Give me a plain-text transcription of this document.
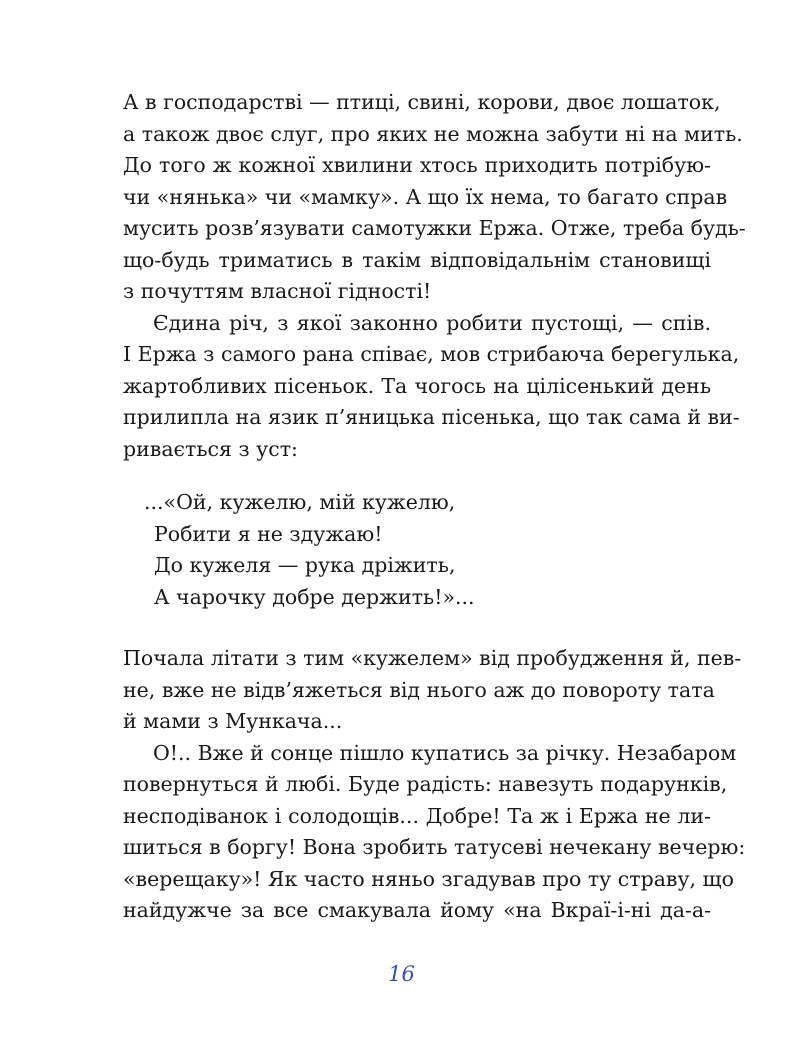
А в господарстві — птиці, свині, корови, двоє лошаток,
а також двоє слуг, про яких не можна забути ні на мить.
До того ж кожної хвилини хтось приходить потрібую-
чи «нянька» чи «мамку». А що їх нема, то багато справ
мусить розв’язувати самотужки Ержа. Отже, треба будь-
що-будь триматись в такім відповідальнім становищі
з почуттям власної гідності!
Єдина річ, з якої законно робити пустощі, — спів.
І Ержа з самого рана співає, мов стрибаюча берегулька,
жартобливих пісеньок. Та чогось на цілісенький день
прилипла на язик п’яницька пісенька, що так сама й ви-
ривається з уст:
...«Ой, кужелю, мій кужелю,
Робити я не здужаю!
До кужеля — рука дріжить,
А чарочку добре держить!»...
Почала літати з тим «кужелем» від пробудження й, пев-
не, вже не відв’яжеться від нього аж до повороту тата
й мами з Мункача...
О!.. Вже й сонце пішло купатись за річку. Незабаром
повернуться й любі. Буде радість: навезуть подарунків,
несподіванок і солодощів... Добре! Та ж і Ержа не ли-
шиться в боргу! Вона зробить татусеві нечекану вечерю:
«верещаку»! Як часто няньо згадував про ту страву, що
найдужче за все смакувала йому «на Вкраї-і-ні да-а-
16
